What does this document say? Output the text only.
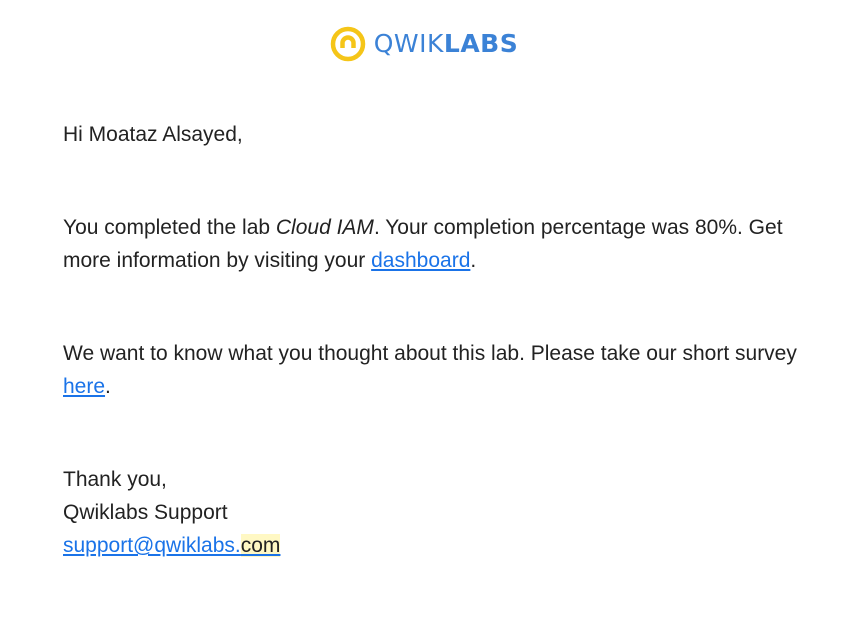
QWIKLABS

Hi Moataz Alsayed,

You completed the lab Cloud IAM. Your completion percentage was 80%. Get more information by visiting your dashboard.

We want to know what you thought about this lab. Please take our short survey here.

Thank you,
Qwiklabs Support
support@qwiklabs.com
